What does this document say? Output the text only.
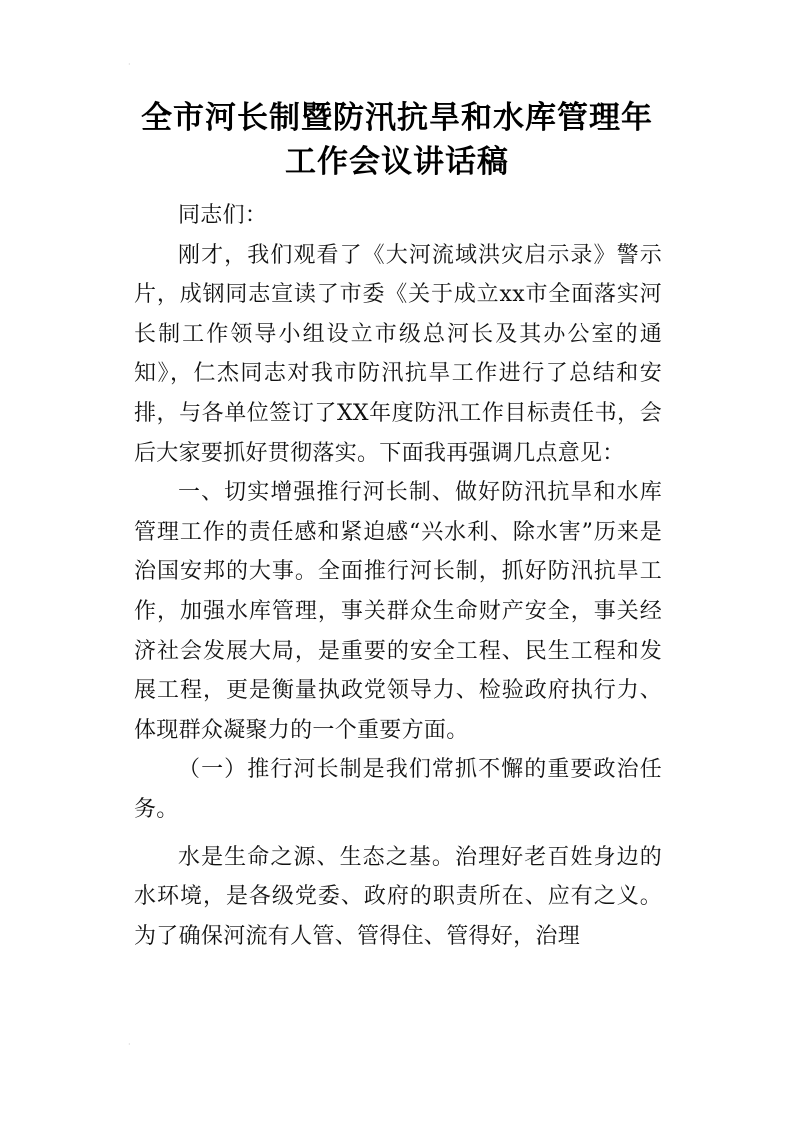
·
全市河长制暨防汛抗旱和水库管理年
工作会议讲话稿

同志们：

刚才，我们观看了《大河流域洪灾启示录》警示片，成钢同志宣读了市委《关于成立xx市全面落实河长制工作领导小组设立市级总河长及其办公室的通知》，仁杰同志对我市防汛抗旱工作进行了总结和安排，与各单位签订了XX年度防汛工作目标责任书，会后大家要抓好贯彻落实。下面我再强调几点意见：

一、切实增强推行河长制、做好防汛抗旱和水库管理工作的责任感和紧迫感“兴水利、除水害”历来是治国安邦的大事。全面推行河长制，抓好防汛抗旱工作，加强水库管理，事关群众生命财产安全，事关经济社会发展大局，是重要的安全工程、民生工程和发展工程，更是衡量执政党领导力、检验政府执行力、体现群众凝聚力的一个重要方面。

（一）推行河长制是我们常抓不懈的重要政治任务。

水是生命之源、生态之基。治理好老百姓身边的水环境，是各级党委、政府的职责所在、应有之义。为了确保河流有人管、管得住、管得好，治理

·
